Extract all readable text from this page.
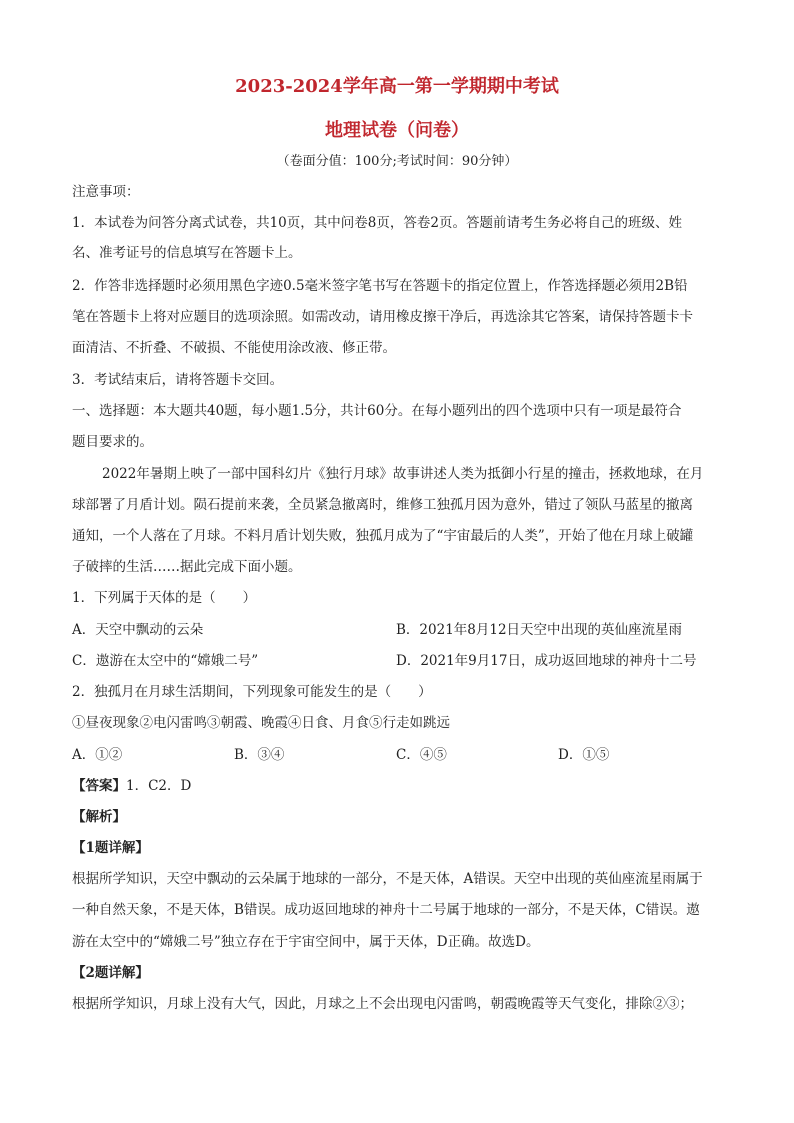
2023-2024学年高一第一学期期中考试
地理试卷（问卷）
（卷面分值：100分;考试时间：90分钟）
注意事项：
1．本试卷为问答分离式试卷，共10页，其中问卷8页，答卷2页。答题前请考生务必将自己的班级、姓
名、准考证号的信息填写在答题卡上。
2．作答非选择题时必须用黑色字迹0.5毫米签字笔书写在答题卡的指定位置上，作答选择题必须用2B铅
笔在答题卡上将对应题目的选项涂照。如需改动，请用橡皮擦干净后，再选涂其它答案，请保持答题卡卡
面清洁、不折叠、不破损、不能使用涂改液、修正带。
3．考试结束后，请将答题卡交回。
一、选择题：本大题共40题，每小题1.5分，共计60分。在每小题列出的四个选项中只有一项是最符合
题目要求的。
2022年暑期上映了一部中国科幻片《独行月球》故事讲述人类为抵御小行星的撞击，拯救地球，在月
球部署了月盾计划。陨石提前来袭，全员紧急撤离时，维修工独孤月因为意外，错过了领队马蓝星的撤离
通知，一个人落在了月球。不料月盾计划失败，独孤月成为了“宇宙最后的人类”，开始了他在月球上破罐
子破摔的生活……据此完成下面小题。
1．下列属于天体的是（　　）
A．天空中飘动的云朵	B．2021年8月12日天空中出现的英仙座流星雨
C．遨游在太空中的“嫦娥二号”	D．2021年9月17日，成功返回地球的神舟十二号
2．独孤月在月球生活期间，下列现象可能发生的是（　　）
①昼夜现象②电闪雷鸣③朝霞、晚霞④日食、月食⑤行走如跳远
A．①②	B．③④	C．④⑤	D．①⑤
【答案】1．C2．D
【解析】
【1题详解】
根据所学知识，天空中飘动的云朵属于地球的一部分，不是天体，A错误。天空中出现的英仙座流星雨属于
一种自然天象，不是天体，B错误。成功返回地球的神舟十二号属于地球的一部分，不是天体，C错误。遨
游在太空中的“嫦娥二号”独立存在于宇宙空间中，属于天体，D正确。故选D。
【2题详解】
根据所学知识，月球上没有大气，因此，月球之上不会出现电闪雷鸣，朝霞晚霞等天气变化，排除②③；
